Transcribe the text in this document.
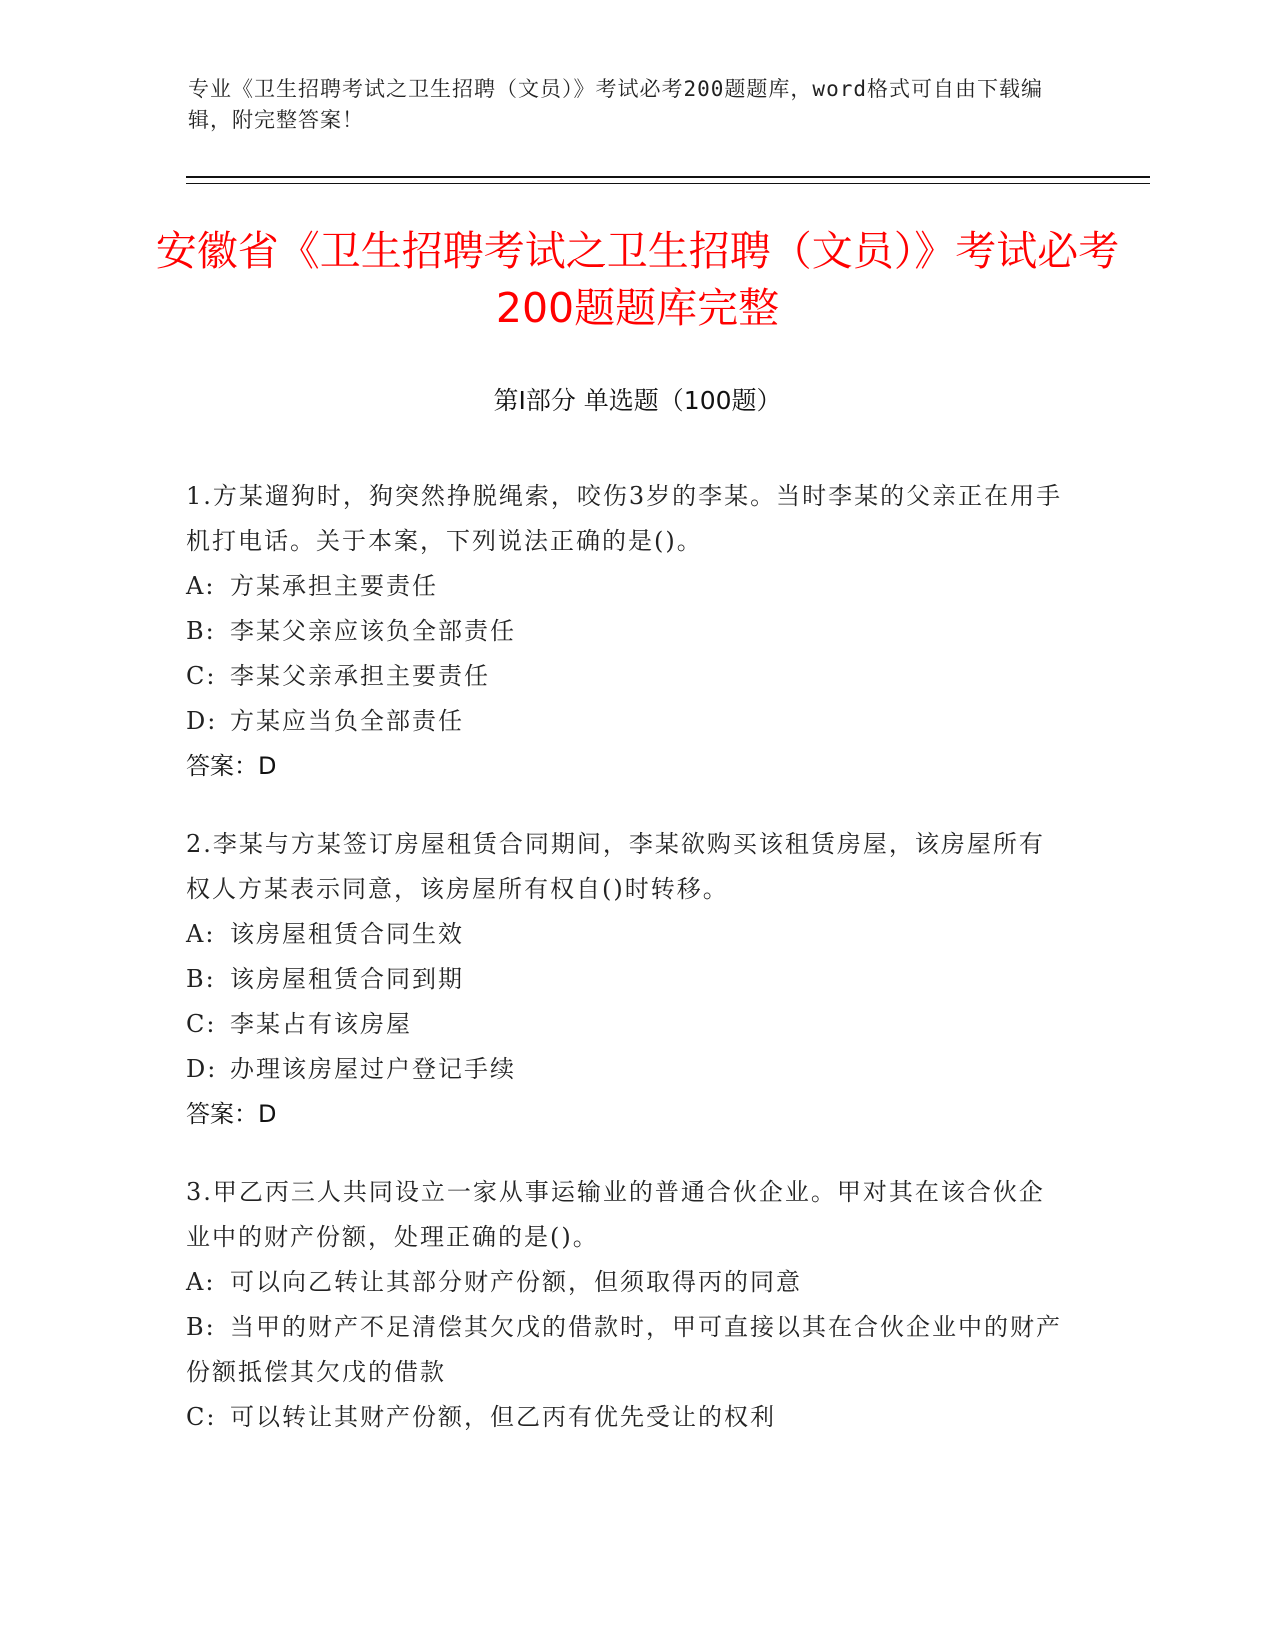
专业《卫生招聘考试之卫生招聘（文员）》考试必考200题题库，word格式可自由下载编辑，附完整答案！
安徽省《卫生招聘考试之卫生招聘（文员）》考试必考200题题库完整
第Ⅰ部分 单选题（100题）
1.方某遛狗时，狗突然挣脱绳索，咬伤3岁的李某。当时李某的父亲正在用手机打电话。关于本案，下列说法正确的是()。
A: 方某承担主要责任
B: 李某父亲应该负全部责任
C: 李某父亲承担主要责任
D: 方某应当负全部责任
答案：D
2.李某与方某签订房屋租赁合同期间，李某欲购买该租赁房屋，该房屋所有权人方某表示同意，该房屋所有权自()时转移。
A: 该房屋租赁合同生效
B: 该房屋租赁合同到期
C: 李某占有该房屋
D: 办理该房屋过户登记手续
答案：D
3.甲乙丙三人共同设立一家从事运输业的普通合伙企业。甲对其在该合伙企业中的财产份额，处理正确的是()。
A: 可以向乙转让其部分财产份额，但须取得丙的同意
B: 当甲的财产不足清偿其欠戊的借款时，甲可直接以其在合伙企业中的财产份额抵偿其欠戊的借款
C: 可以转让其财产份额，但乙丙有优先受让的权利
